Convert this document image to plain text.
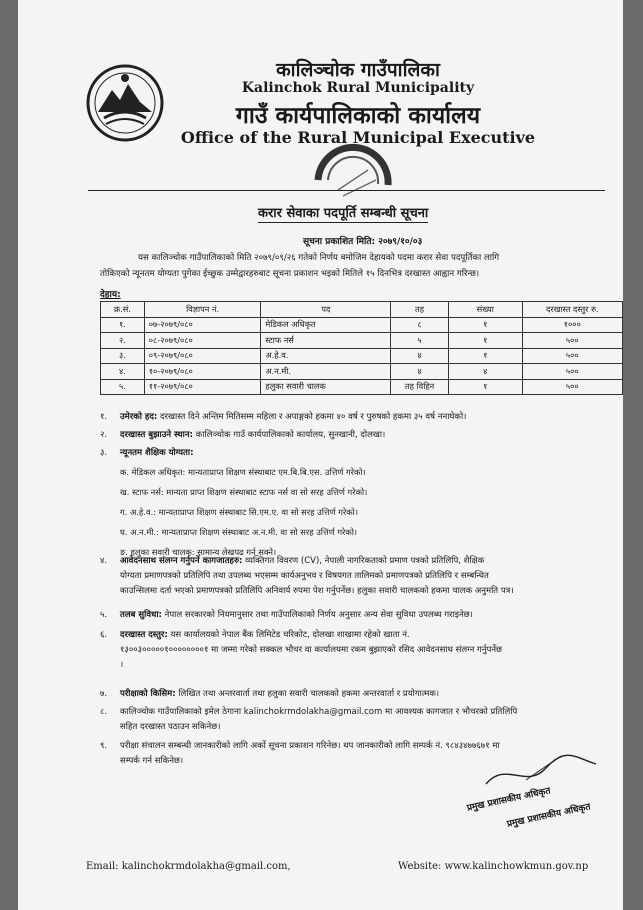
कालिञ्चोक गाउँपालिका
Kalinchok Rural Municipality
गाउँ कार्यपालिकाको कार्यालय
Office of the Rural Municipal Executive
करार सेवाका पदपूर्ति सम्बन्धी सूचना
सूचना प्रकाशित मिति: २०७९/१०/०३
यस कालिञ्चोक गाउँपालिकाको मिति २०७९/०९/२६ गतेको निर्णय बमोजिम देहायको पदमा करार सेवा पदपूर्तिका लागि
तोकिएको न्यूनतम योग्यता पुगेका ईच्छुक उम्मेद्वारहरुबाट सूचना प्रकाशन भइको मितिले १५ दिनभित्र दरखास्त आह्वान गरिन्छ।
देहाय:
क्र.सं.	विज्ञापन नं.	पद	तह	संख्या	दरखास्त दस्तुर रु.
१.	०७-२०७९/०८०	मेडिकल अधिकृत	८	१	१०००
२.	०८-२०७९/०८०	स्टाफ नर्स	५	१	५००
३.	०९-२०७९/०८०	अ.हे.व.	४	१	५००
४.	१०-२०७९/०८०	अ.न.मी.	४	४	५००
५.	११-२०७९/०८०	हलुका सवारी चालक	तह विहिन	१	५००
१. उमेरको हद: दरखास्त दिने अन्तिम मितिसम्म महिला र अपाङ्गको हकमा ४० वर्ष र पुरुषको हकमा ३५ वर्ष ननाघेको।
२. दरखास्त बुझाउने स्थान: कालिञ्चोक गाउँ कार्यपालिकाको कार्यालय, सुनखानी, दोलखा।
३. न्यूनतम शैक्षिक योग्यता:
क. मेडिकल अधिकृत: मान्यताप्राप्त शिक्षण संस्थाबाट एम.बि.बि.एस. उत्तिर्ण गरेको।
ख. स्टाफ नर्स: मान्यता प्राप्त शिक्षण संस्थाबाट स्टाफ नर्स वा सो सरह उत्तिर्ण गरेको।
ग. अ.हे.व.: मान्यताप्राप्त शिक्षण संस्थाबाट सि.एम.ए. वा सो सरह उत्तिर्ण गरेको।
घ. अ.न.मी.: मान्यताप्राप्त शिक्षण संस्थाबाट अ.न.मी. वा सो सरह उत्तिर्ण गरेको।
ङ. हलुका सवारी चालक: सामान्य लेखपढ गर्न सक्ने।
४. आवेदनसाथ संलग्न गर्नुपर्ने कागजातहरु: व्यक्तिगत विवरण (CV), नेपाली नागरिकताको प्रमाण पत्रको प्रतिलिपि, शैक्षिक
योग्यता प्रमाणपत्रको प्रतिलिपि तथा उपलब्ध भएसम्म कार्यअनुभव र विषयगत तालिमको प्रमाणपत्रको प्रतिलिपि र सम्बन्धित
काउन्सिलमा दर्ता भएको प्रमाणपत्रको प्रतिलिपि अनिवार्य रुपमा पेश गर्नुपर्नेछ। हलुका सवारी चालकको हकमा चालक अनुमति पत्र।
५. तलब सुविधा: नेपाल सरकारको नियमानुसार तथा गाउँपालिकाको निर्णय अनुसार अन्य सेवा सुविधा उपलब्ध गराइनेछ।
६. दरखास्त दस्तुर: यस कार्यालयको नेपाल बैंक लिमिटेड चरिकोट, दोलखा शाखामा रहेको खाता नं.
१३००३०००००१००००००००१ मा जम्मा गरेको सक्कल भौचर वा कार्यालयमा रकम बुझाएको रसिद आवेदनसाथ संलग्न गर्नुपर्नेछ
।
७. परीक्षाको किसिम: लिखित तथा अन्तरवार्ता तथा हलुका सवारी चालकको हकमा अन्तरवार्ता र प्रयोगात्मक।
८. कालिञ्चोक गाउँपालिकाको इमेल ठेगाना kalinchokrmdolakha@gmail.com मा आवश्यक कागजात र भौचरको प्रतिलिपि
सहित दरखास्त पठाउन सकिनेछ।
९. परीक्षा संचालन सम्बन्धी जानकारीको लागि अर्को सूचना प्रकाशन गरिनेछ। थप जानकारीको लागि सम्पर्क नं. ९८४३४७७६७१ मा
सम्पर्क गर्न सकिनेछ।
प्रमुख प्रशासकीय अधिकृत
प्रमुख प्रशासकीय अधिकृत
Email: kalinchokrmdolakha@gmail.com,	Website: www.kalinchowkmun.gov.np
